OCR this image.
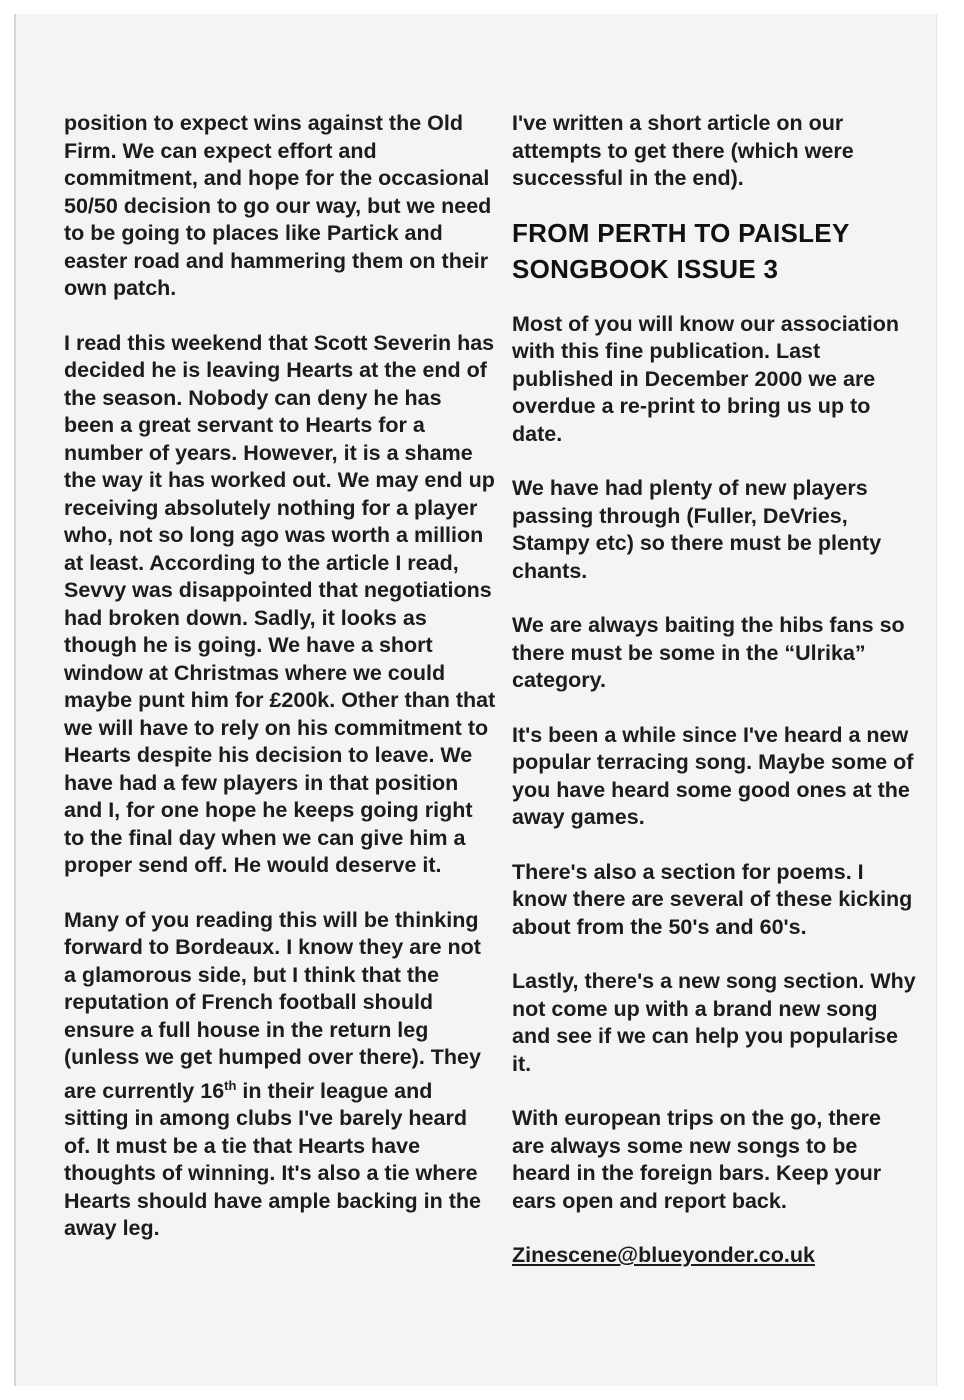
position to expect wins against the Old Firm. We can expect effort and commitment, and hope for the occasional 50/50 decision to go our way, but we need to be going to places like Partick and easter road and hammering them on their own patch.

I read this weekend that Scott Severin has decided he is leaving Hearts at the end of the season. Nobody can deny he has been a great servant to Hearts for a number of years. However, it is a shame the way it has worked out. We may end up receiving absolutely nothing for a player who, not so long ago was worth a million at least. According to the article I read, Sevvy was disappointed that negotiations had broken down. Sadly, it looks as though he is going. We have a short window at Christmas where we could maybe punt him for £200k. Other than that we will have to rely on his commitment to Hearts despite his decision to leave. We have had a few players in that position and I, for one hope he keeps going right to the final day when we can give him a proper send off. He would deserve it.

Many of you reading this will be thinking forward to Bordeaux. I know they are not a glamorous side, but I think that the reputation of French football should ensure a full house in the return leg (unless we get humped over there). They are currently 16th in their league and sitting in among clubs I've barely heard of. It must be a tie that Hearts have thoughts of winning. It's also a tie where Hearts should have ample backing in the away leg.

I've written a short article on our attempts to get there (which were successful in the end).

FROM PERTH TO PAISLEY SONGBOOK ISSUE 3

Most of you will know our association with this fine publication. Last published in December 2000 we are overdue a re-print to bring us up to date.

We have had plenty of new players passing through (Fuller, DeVries, Stampy etc) so there must be plenty chants.

We are always baiting the hibs fans so there must be some in the “Ulrika” category.

It's been a while since I've heard a new popular terracing song. Maybe some of you have heard some good ones at the away games.

There's also a section for poems. I know there are several of these kicking about from the 50's and 60's.

Lastly, there's a new song section. Why not come up with a brand new song and see if we can help you popularise it.

With european trips on the go, there are always some new songs to be heard in the foreign bars. Keep your ears open and report back.

Zinescene@blueyonder.co.uk
